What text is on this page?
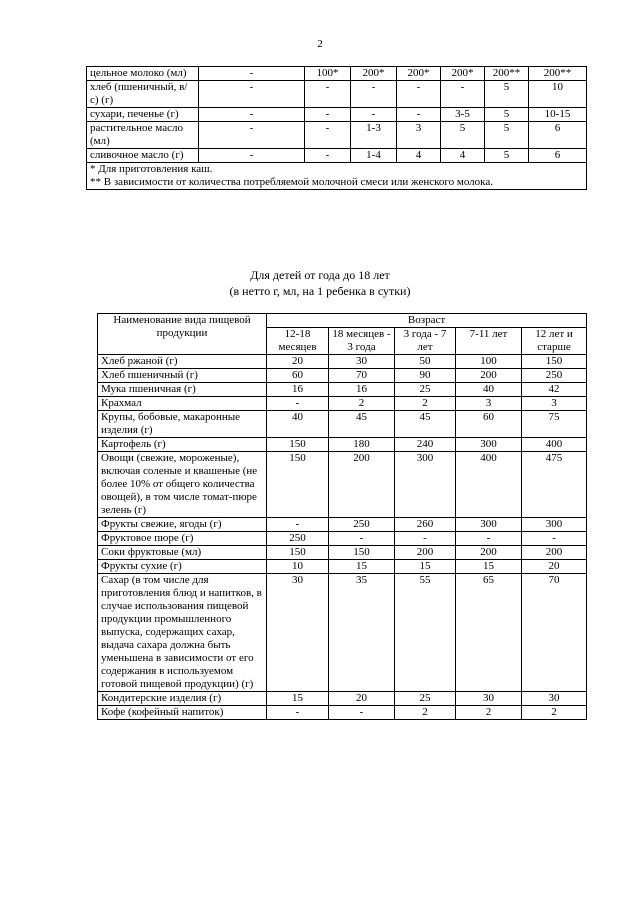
2
цельное молоко (мл)	-	100*	200*	200*	200*	200**	200**
хлеб (пшеничный, в/с) (г)	-	-	-	-	-	5	10
сухари, печенье (г)	-	-	-	-	3-5	5	10-15
растительное масло (мл)	-	-	1-3	3	5	5	6
сливочное масло (г)	-	-	1-4	4	4	5	6

* Для приготовления каш.
** В зависимости от количества потребляемой молочной смеси или женского молока.							
Для детей от года до 18 лет
(в нетто г, мл, на 1 ребенка в сутки)
Наименование вида пищевой продукции	Возраст				
	12-18 месяцев	18 месяцев - 3 года	3 года - 7 лет	7-11 лет	12 лет и старше
Хлеб ржаной (г)	20	30	50	100	150
Хлеб пшеничный (г)	60	70	90	200	250
Мука пшеничная (г)	16	16	25	40	42
Крахмал	-	2	2	3	3
Крупы, бобовые, макаронные изделия (г)	40	45	45	60	75
Картофель (г)	150	180	240	300	400
Овощи (свежие, мороженые), включая соленые и квашеные (не более 10% от общего количества овощей), в том числе томат-пюре зелень (г)	150	200	300	400	475
Фрукты свежие, ягоды (г)	-	250	260	300	300
Фруктовое пюре (г)	250	-	-	-	-
Соки фруктовые (мл)	150	150	200	200	200
Фрукты сухие (г)	10	15	15	15	20
Сахар (в том числе для приготовления блюд и напитков, в случае использования пищевой продукции промышленного выпуска, содержащих сахар, выдача сахара должна быть уменьшена в зависимости от его содержания в используемом готовой пищевой продукции) (г)	30	35	55	65	70
Кондитерские изделия (г)	15	20	25	30	30
Кофе (кофейный напиток)	-	-	2	2	2
